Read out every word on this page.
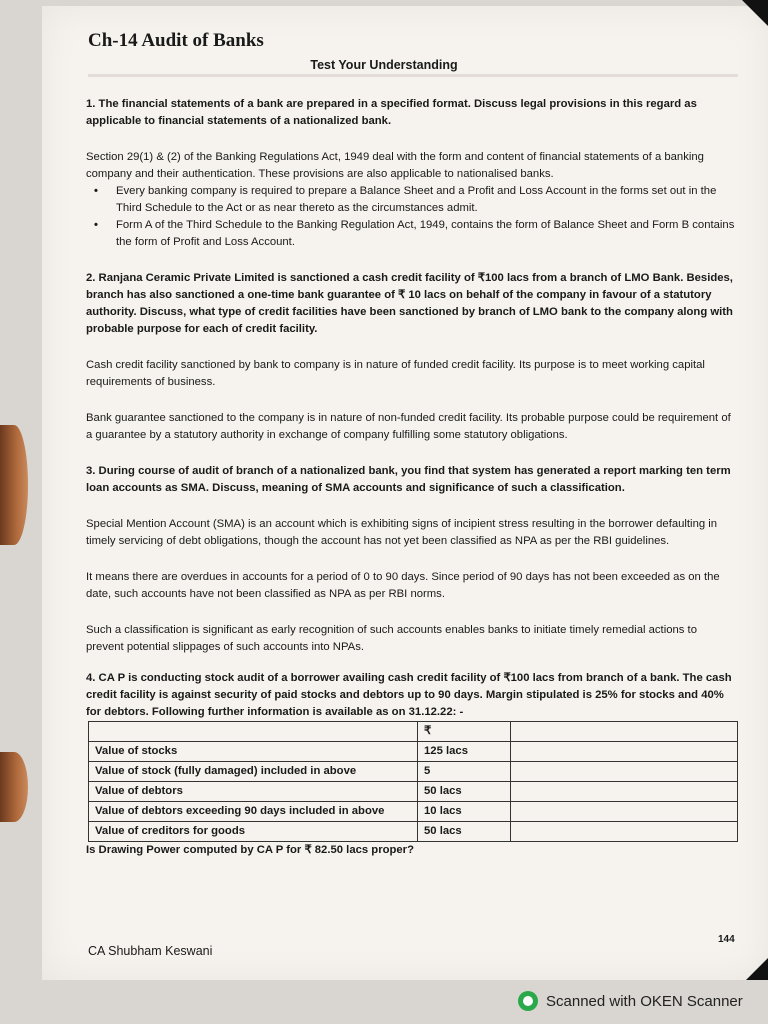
Ch-14 Audit of Banks
Test Your Understanding

1. The financial statements of a bank are prepared in a specified format. Discuss legal provisions in this regard as applicable to financial statements of a nationalized bank.

Section 29(1) & (2) of the Banking Regulations Act, 1949 deal with the form and content of financial statements of a banking company and their authentication. These provisions are also applicable to nationalised banks.

• Every banking company is required to prepare a Balance Sheet and a Profit and Loss Account in the forms set out in the Third Schedule to the Act or as near thereto as the circumstances admit.
• Form A of the Third Schedule to the Banking Regulation Act, 1949, contains the form of Balance Sheet and Form B contains the form of Profit and Loss Account.

2. Ranjana Ceramic Private Limited is sanctioned a cash credit facility of ₹100 lacs from a branch of LMO Bank. Besides, branch has also sanctioned a one-time bank guarantee of ₹ 10 lacs on behalf of the company in favour of a statutory authority. Discuss, what type of credit facilities have been sanctioned by branch of LMO bank to the company along with probable purpose for each of credit facility.

Cash credit facility sanctioned by bank to company is in nature of funded credit facility. Its purpose is to meet working capital requirements of business.

Bank guarantee sanctioned to the company is in nature of non-funded credit facility. Its probable purpose could be requirement of a guarantee by a statutory authority in exchange of company fulfilling some statutory obligations.

3. During course of audit of branch of a nationalized bank, you find that system has generated a report marking ten term loan accounts as SMA. Discuss, meaning of SMA accounts and significance of such a classification.

Special Mention Account (SMA) is an account which is exhibiting signs of incipient stress resulting in the borrower defaulting in timely servicing of debt obligations, though the account has not yet been classified as NPA as per the RBI guidelines.

It means there are overdues in accounts for a period of 0 to 90 days. Since period of 90 days has not been exceeded as on the date, such accounts have not been classified as NPA as per RBI norms.

Such a classification is significant as early recognition of such accounts enables banks to initiate timely remedial actions to prevent potential slippages of such accounts into NPAs.

4. CA P is conducting stock audit of a borrower availing cash credit facility of ₹100 lacs from branch of a bank. The cash credit facility is against security of paid stocks and debtors up to 90 days. Margin stipulated is 25% for stocks and 40% for debtors. Following further information is available as on 31.12.22: -

	₹	
Value of stocks	125 lacs	
Value of stock (fully damaged) included in above	5	
Value of debtors	50 lacs	
Value of debtors exceeding 90 days included in above	10 lacs	
Value of creditors for goods	50 lacs	

Is Drawing Power computed by CA P for ₹ 82.50 lacs proper?

CA Shubham Keswani
144
Scanned with OKEN Scanner
